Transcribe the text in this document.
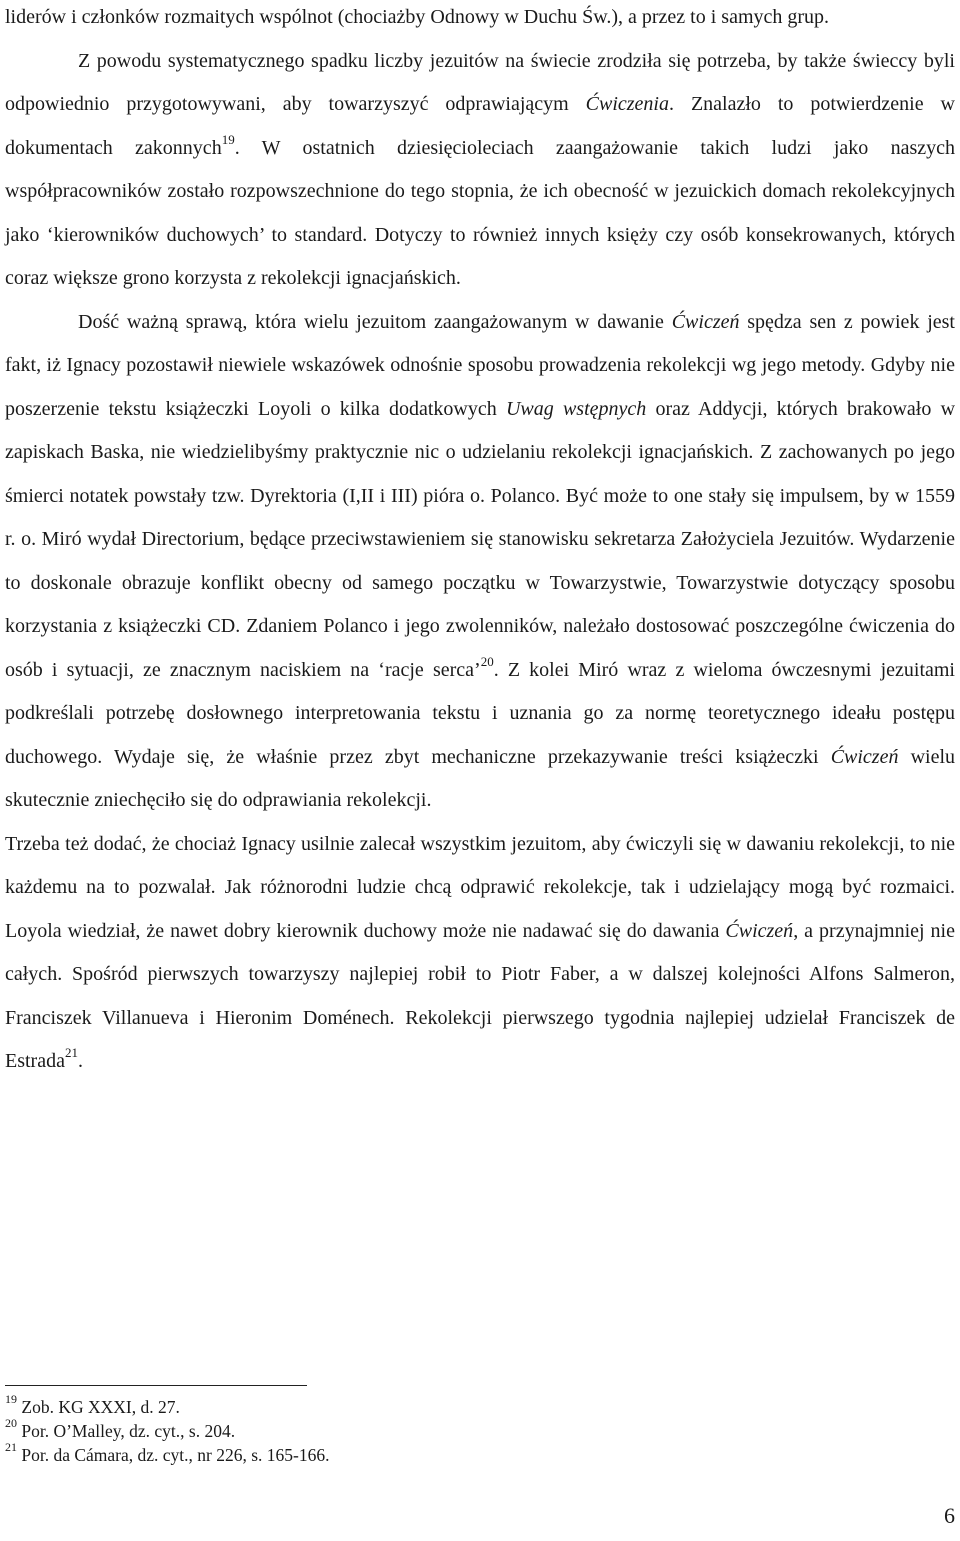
liderów i członków rozmaitych wspólnot (chociażby Odnowy w Duchu Św.), a przez to i samych grup.

Z powodu systematycznego spadku liczby jezuitów na świecie zrodziła się potrzeba, by także świeccy byli odpowiednio przygotowywani, aby towarzyszyć odprawiającym Ćwiczenia. Znalazło to potwierdzenie w dokumentach zakonnych$^{19}$. W ostatnich dziesięcioleciach zaangażowanie takich ludzi jako naszych współpracowników zostało rozpowszechnione do tego stopnia, że ich obecność w jezuickich domach rekolekcyjnych jako ‘kierowników duchowych’ to standard. Dotyczy to również innych księży czy osób konsekrowanych, których coraz większe grono korzysta z rekolekcji ignacjańskich.

Dość ważną sprawą, która wielu jezuitom zaangażowanym w dawanie Ćwiczeń spędza sen z powiek jest fakt, iż Ignacy pozostawił niewiele wskazówek odnośnie sposobu prowadzenia rekolekcji wg jego metody. Gdyby nie poszerzenie tekstu książeczki Loyoli o kilka dodatkowych Uwag wstępnych oraz Addycji, których brakowało w zapiskach Baska, nie wiedzielibyśmy praktycznie nic o udzielaniu rekolekcji ignacjańskich. Z zachowanych po jego śmierci notatek powstały tzw. Dyrektoria (I,II i III) pióra o. Polanco. Być może to one stały się impulsem, by w 1559 r. o. Miró wydał Directorium, będące przeciwstawieniem się stanowisku sekretarza Założyciela Jezuitów. Wydarzenie to doskonale obrazuje konflikt obecny od samego początku w Towarzystwie, Towarzystwie dotyczący sposobu korzystania z książeczki CD. Zdaniem Polanco i jego zwolenników, należało dostosować poszczególne ćwiczenia do osób i sytuacji, ze znacznym naciskiem na ‘racje serca’$^{20}$. Z kolei Miró wraz z wieloma ówczesnymi jezuitami podkreślali potrzebę dosłownego interpretowania tekstu i uznania go za normę teoretycznego ideału postępu duchowego. Wydaje się, że właśnie przez zbyt mechaniczne przekazywanie treści książeczki Ćwiczeń wielu skutecznie zniechęciło się do odprawiania rekolekcji.

Trzeba też dodać, że chociaż Ignacy usilnie zalecał wszystkim jezuitom, aby ćwiczyli się w dawaniu rekolekcji, to nie każdemu na to pozwalał. Jak różnorodni ludzie chcą odprawić rekolekcje, tak i udzielający mogą być rozmaici. Loyola wiedział, że nawet dobry kierownik duchowy może nie nadawać się do dawania Ćwiczeń, a przynajmniej nie całych. Spośród pierwszych towarzyszy najlepiej robił to Piotr Faber, a w dalszej kolejności Alfons Salmeron, Franciszek Villanueva i Hieronim Doménech. Rekolekcji pierwszego tygodnia najlepiej udzielał Franciszek de Estrada$^{21}$.

$^{19}$ Zob. KG XXXI, d. 27.

$^{20}$ Por. O’Malley, dz. cyt., s. 204.

$^{21}$ Por. da Cámara, dz. cyt., nr 226, s. 165-166.

6
